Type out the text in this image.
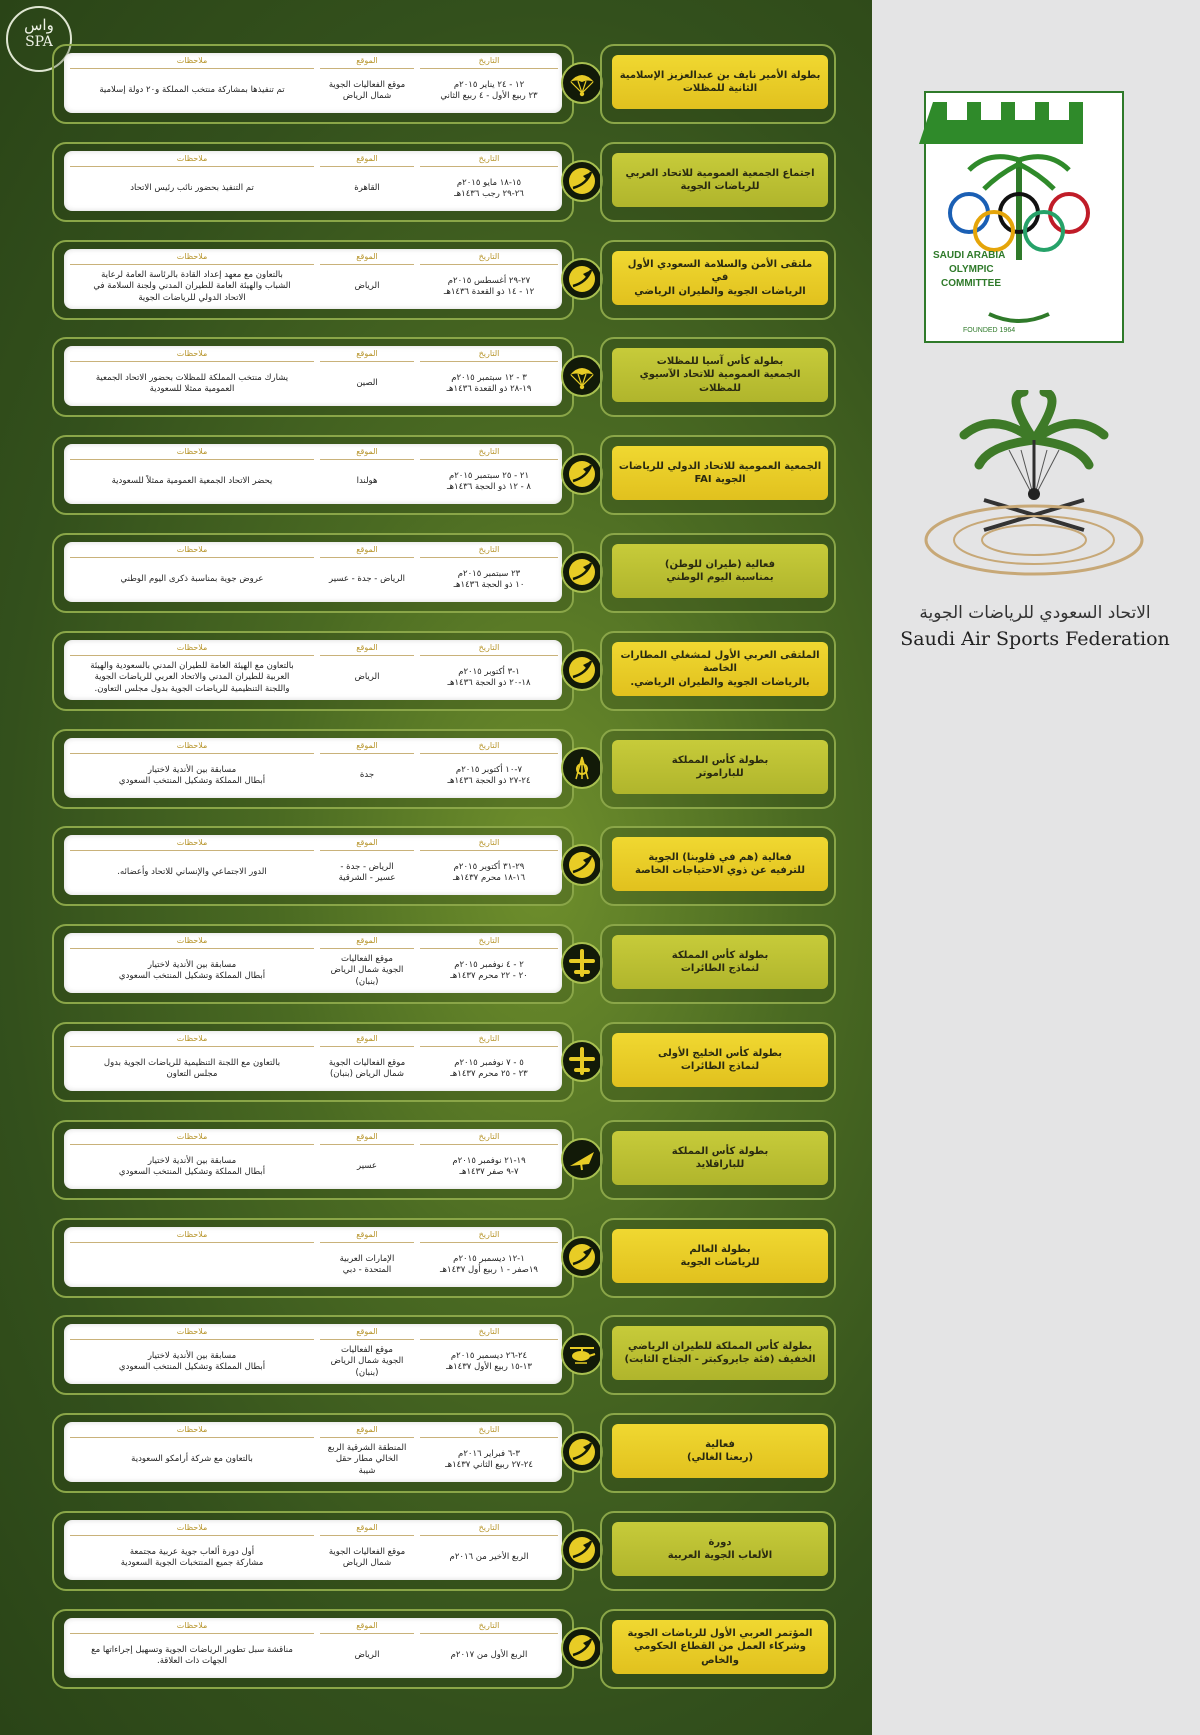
واس
SPA
التاريخ
الموقع
ملاحظات
١٢ - ٢٤ يناير ٢٠١٥م
٢٣ ربيع الأول - ٤ ربيع الثاني
موقع الفعاليات الجوية
شمال الرياض
تم تنفيذها بمشاركة منتخب المملكة و٢٠ دولة إسلامية
بطولة الأمير نايف بن عبدالعزيز الإسلامية
الثانية للمظلات
التاريخ
الموقع
ملاحظات
١٥-١٨ مايو ٢٠١٥م
٢٦-٢٩ رجب ١٤٣٦هـ
القاهرة
تم التنفيذ بحضور نائب رئيس الاتحاد
اجتماع الجمعية العمومية للاتحاد العربي
للرياضات الجوية
التاريخ
الموقع
ملاحظات
٢٧-٢٩ أغسطس ٢٠١٥م
١٢ - ١٤ ذو القعدة ١٤٣٦هـ
الرياض
بالتعاون مع معهد إعداد القادة بالرئاسة العامة لرعاية
الشباب والهيئة العامة للطيران المدني ولجنة السلامة في
الاتحاد الدولي للرياضات الجوية
ملتقى الأمن والسلامة السعودي الأول في
الرياضات الجوية والطيران الرياضي
التاريخ
الموقع
ملاحظات
٣ - ١٢ سبتمبر ٢٠١٥م
١٩-٢٨ ذو القعدة ١٤٣٦هـ
الصين
يشارك منتخب المملكة للمظلات بحضور الاتحاد الجمعية
العمومية ممثلا للسعودية
بطولة كأس آسيا للمظلات
الجمعية العمومية للاتحاد الآسيوي
للمظلات
التاريخ
الموقع
ملاحظات
٢١ - ٢٥ سبتمبر ٢٠١٥م
٨ - ١٢ ذو الحجة ١٤٣٦هـ
هولندا
يحضر الاتحاد الجمعية العمومية ممثلاً للسعودية
الجمعية العمومية للاتحاد الدولي للرياضات
الجوية FAI
التاريخ
الموقع
ملاحظات
٢٣ سبتمبر ٢٠١٥م
١٠ ذو الحجة ١٤٣٦هـ
الرياض - جدة - عسير
عروض جوية بمناسبة ذكرى اليوم الوطني
فعالية (طيران للوطن)
بمناسبة اليوم الوطني
التاريخ
الموقع
ملاحظات
١-٣ أكتوبر ٢٠١٥م
١٨-٢٠ ذو الحجة ١٤٣٦هـ
الرياض
بالتعاون مع الهيئة العامة للطيران المدني بالسعودية والهيئة
العربية للطيران المدني والاتحاد العربي للرياضات الجوية
واللجنة التنظيمية للرياضات الجوية بدول مجلس التعاون.
الملتقى العربي الأول لمشغلي المطارات الخاصة
بالرياضات الجوية والطيران الرياضي.
التاريخ
الموقع
ملاحظات
٧-١٠ أكتوبر ٢٠١٥م
٢٤-٢٧ ذو الحجة ١٤٣٦هـ
جدة
مسابقة بين الأندية لاختيار
أبطال المملكة وتشكيل المنتخب السعودي
بطولة كأس المملكة
للباراموتر
التاريخ
الموقع
ملاحظات
٢٩-٣١ أكتوبر ٢٠١٥م
١٦-١٨ محرم ١٤٣٧هـ
الرياض - جدة -
عسير - الشرقية
الدور الاجتماعي والإنساني للاتحاد وأعضائه.
فعالية (هم في قلوبنا) الجوية
للترفيه عن ذوي الاحتياجات الخاصة
التاريخ
الموقع
ملاحظات
٢ - ٤ نوفمبر ٢٠١٥م
٢٠ - ٢٢ محرم ١٤٣٧هـ
موقع الفعاليات
الجوية شمال الرياض
(بنبان)
مسابقة بين الأندية لاختيار
أبطال المملكة وتشكيل المنتخب السعودي
بطولة كأس المملكة
لنماذج الطائرات
التاريخ
الموقع
ملاحظات
٥ - ٧ نوفمبر ٢٠١٥م
٢٣ - ٢٥ محرم ١٤٣٧هـ
موقع الفعاليات الجوية
شمال الرياض (بنبان)
بالتعاون مع اللجنة التنظيمية للرياضات الجوية بدول
مجلس التعاون
بطولة كأس الخليج الأولى
لنماذج الطائرات
التاريخ
الموقع
ملاحظات
١٩-٢١ نوفمبر ٢٠١٥م
٧-٩ صفر ١٤٣٧هـ
عسير
مسابقة بين الأندية لاختيار
أبطال المملكة وتشكيل المنتخب السعودي
بطولة كأس المملكة
للباراقلايد
التاريخ
الموقع
ملاحظات
١-١٢ ديسمبر ٢٠١٥م
١٩صفر - ١ ربيع أول ١٤٣٧هـ
الإمارات العربية
المتحدة - دبي
بطولة العالم
للرياضات الجوية
التاريخ
الموقع
ملاحظات
٢٤-٢٦ ديسمبر ٢٠١٥م
١٣-١٥ ربيع الأول ١٤٣٧هـ
موقع الفعاليات
الجوية شمال الرياض
(بنبان)
مسابقة بين الأندية لاختيار
أبطال المملكة وتشكيل المنتخب السعودي
بطولة كأس المملكة للطيران الرياضي
الخفيف (فئة جايروكبتر - الجناح الثابت)
التاريخ
الموقع
ملاحظات
٣-٦ فبراير ٢٠١٦م
٢٤-٢٧ ربيع الثاني ١٤٣٧هـ
المنطقة الشرقية الربع
الخالي مطار حقل
شيبة
بالتعاون مع شركة أرامكو السعودية
فعالية
(ربعنا الغالي)
التاريخ
الموقع
ملاحظات
الربع الأخير من ٢٠١٦م
موقع الفعاليات الجوية
شمال الرياض
أول دورة ألعاب جوية عربية مجتمعة
مشاركة جميع المنتخبات الجوية السعودية
دورة
الألعاب الجوية العربية
التاريخ
الموقع
ملاحظات
الربع الأول من ٢٠١٧م
الرياض
مناقشة سبل تطوير الرياضات الجوية وتسهيل إجراءاتها مع
الجهات ذات العلاقة.
المؤتمر العربي الأول للرياضات الجوية
وشركاء العمل من القطاع الحكومي والخاص
SAUDI ARABIA
OLYMPIC
COMMITTEE
FOUNDED 1964
الاتحاد السعودي للرياضات الجوية
Saudi Air Sports Federation
